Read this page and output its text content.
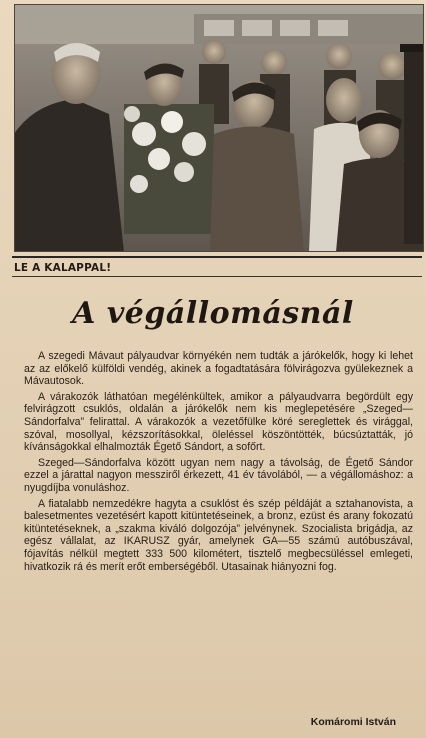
LE A KALAPPAL!
A végállomásnál

A szegedi Mávaut pályaudvar környékén nem tudták a járókelők, hogy ki lehet az az előkelő külföldi vendég, akinek a fogadtatására fölvirágozva gyülekeznek a Mávautosok.

A várakozók láthatóan megélénkültek, amikor a pályaudvarra begördült egy felvirágzott csuklós, oldalán a járókelők nem kis meglepetésére „Szeged—Sándorfalva” felirattal. A várakozók a vezetőfülke köré sereglettek és virággal, szóval, mosollyal, kézszorításokkal, öleléssel köszöntötték, búcsúztatták, jó kívánságokkal elhalmozták Égető Sándort, a sofőrt.

Szeged—Sándorfalva között ugyan nem nagy a távolság, de Égető Sándor ezzel a járattal nagyon messziről érkezett, 41 év távolából, — a végállomáshoz: a nyugdíjba vonuláshoz.

A fiatalabb nemzedékre hagyta a csuklóst és szép példáját a sztahanovista, a balesetmentes vezetésért kapott kitüntetéseinek, a bronz, ezüst és arany fokozatú kitüntetéseknek, a „szakma kiváló dolgozója” jelvénynek. Szocialista brigádja, az egész vállalat, az IKARUSZ gyár, amelynek GA—55 számú autóbuszával, fójavítás nélkül megtett 333 500 kilométert, tisztelő megbecsüléssel emlegeti, hivatkozik rá és merít erőt emberségéből. Utasainak hiányozni fog.

Komáromi István
